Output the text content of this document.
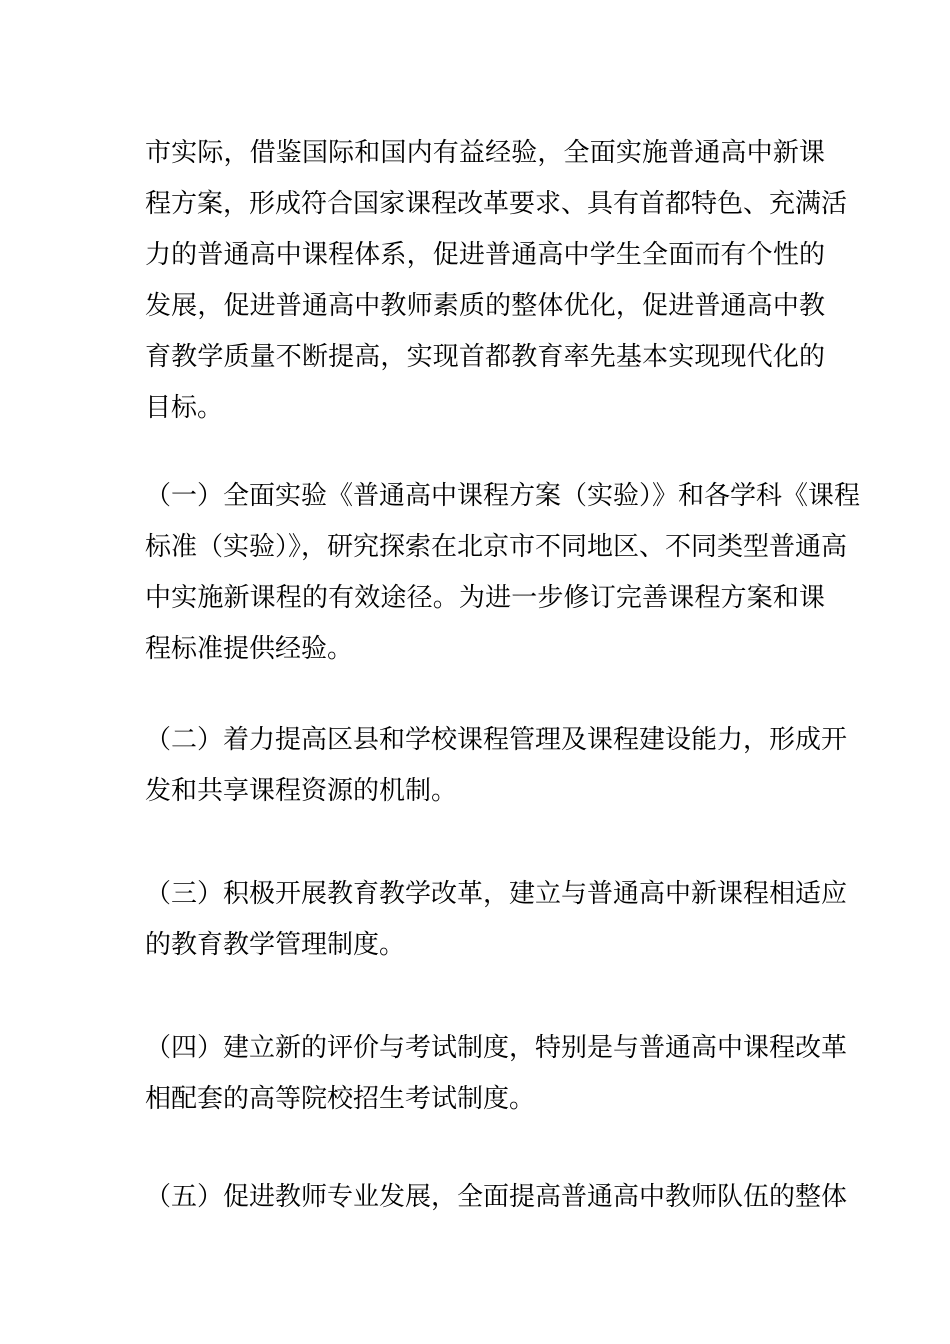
市实际，借鉴国际和国内有益经验，全面实施普通高中新课
程方案，形成符合国家课程改革要求、具有首都特色、充满活
力的普通高中课程体系，促进普通高中学生全面而有个性的
发展，促进普通高中教师素质的整体优化，促进普通高中教
育教学质量不断提高，实现首都教育率先基本实现现代化的
目标。
（一）全面实验《普通高中课程方案（实验）》和各学科《课程
标准（实验）》，研究探索在北京市不同地区、不同类型普通高
中实施新课程的有效途径。为进一步修订完善课程方案和课
程标准提供经验。
（二）着力提高区县和学校课程管理及课程建设能力，形成开
发和共享课程资源的机制。
（三）积极开展教育教学改革，建立与普通高中新课程相适应
的教育教学管理制度。
（四）建立新的评价与考试制度，特别是与普通高中课程改革
相配套的高等院校招生考试制度。
（五）促进教师专业发展，全面提高普通高中教师队伍的整体
